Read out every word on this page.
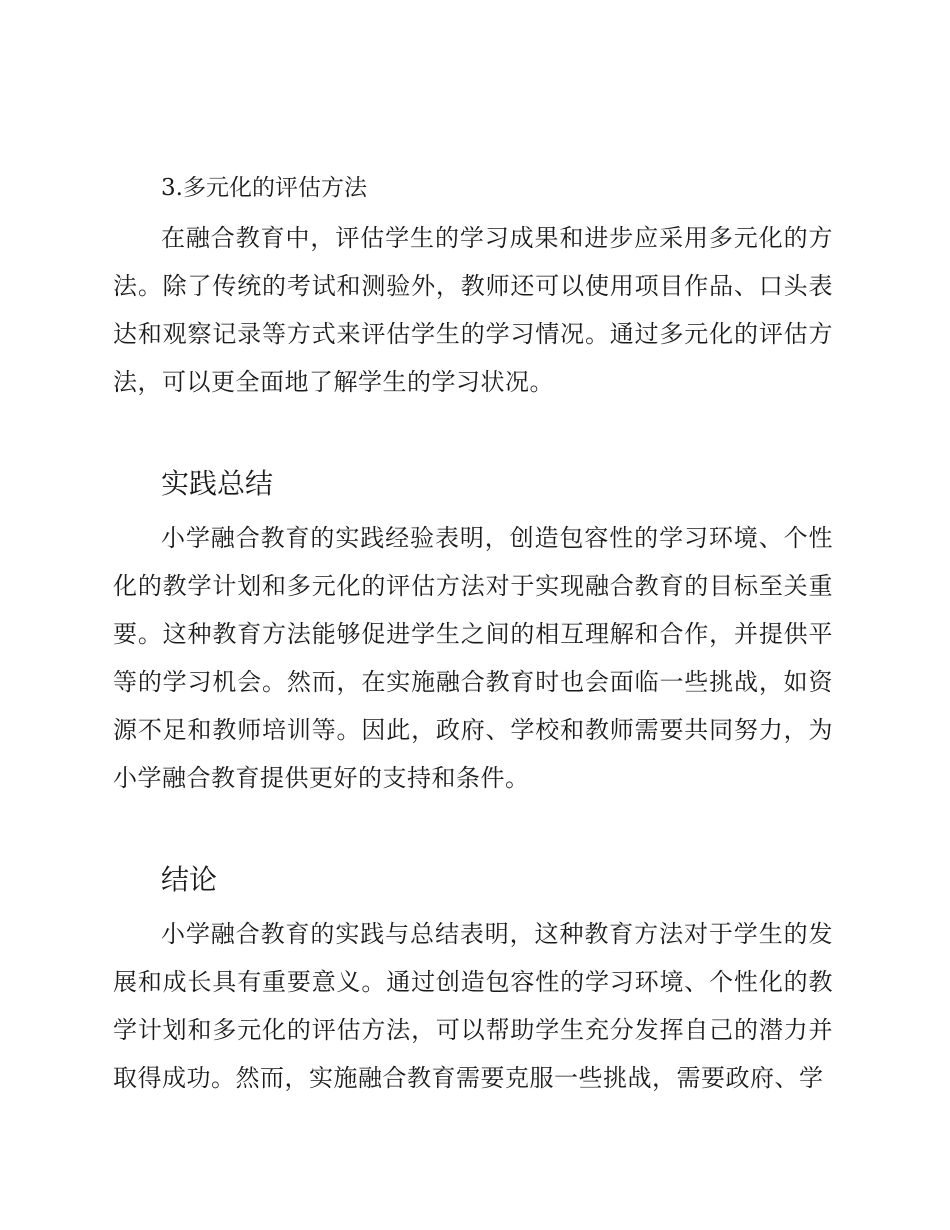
3.多元化的评估方法

在融合教育中，评估学生的学习成果和进步应采用多元化的方法。除了传统的考试和测验外，教师还可以使用项目作品、口头表达和观察记录等方式来评估学生的学习情况。通过多元化的评估方法，可以更全面地了解学生的学习状况。

实践总结

小学融合教育的实践经验表明，创造包容性的学习环境、个性化的教学计划和多元化的评估方法对于实现融合教育的目标至关重要。这种教育方法能够促进学生之间的相互理解和合作，并提供平等的学习机会。然而，在实施融合教育时也会面临一些挑战，如资源不足和教师培训等。因此，政府、学校和教师需要共同努力，为小学融合教育提供更好的支持和条件。

结论

小学融合教育的实践与总结表明，这种教育方法对于学生的发展和成长具有重要意义。通过创造包容性的学习环境、个性化的教学计划和多元化的评估方法，可以帮助学生充分发挥自己的潜力并取得成功。然而，实施融合教育需要克服一些挑战，需要政府、学
